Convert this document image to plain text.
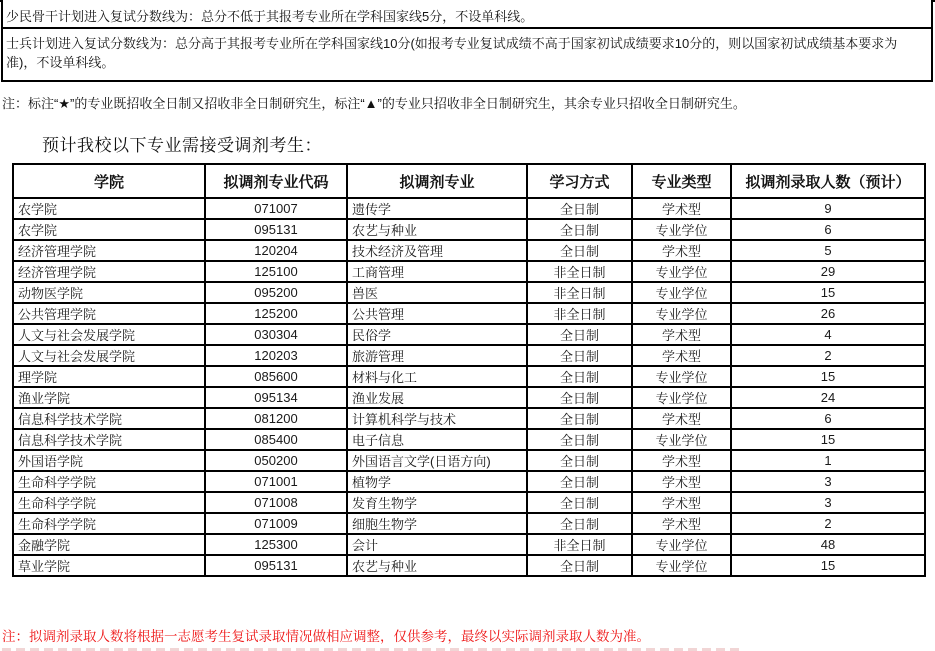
少民骨干计划进入复试分数线为：总分不低于其报考专业所在学科国家线5分，不设单科线。
士兵计划进入复试分数线为：总分高于其报考专业所在学科国家线10分(如报考专业复试成绩不高于国家初试成绩要求10分的，则以国家初试成绩基本要求为准)，不设单科线。
注：标注“★”的专业既招收全日制又招收非全日制研究生，标注“▲”的专业只招收非全日制研究生，其余专业只招收全日制研究生。
预计我校以下专业需接受调剂考生：
学院	拟调剂专业代码	拟调剂专业	学习方式	专业类型	拟调剂录取人数（预计）
农学院	071007	遗传学	全日制	学术型	9
农学院	095131	农艺与种业	全日制	专业学位	6
经济管理学院	120204	技术经济及管理	全日制	学术型	5
经济管理学院	125100	工商管理	非全日制	专业学位	29
动物医学院	095200	兽医	非全日制	专业学位	15
公共管理学院	125200	公共管理	非全日制	专业学位	26
人文与社会发展学院	030304	民俗学	全日制	学术型	4
人文与社会发展学院	120203	旅游管理	全日制	学术型	2
理学院	085600	材料与化工	全日制	专业学位	15
渔业学院	095134	渔业发展	全日制	专业学位	24
信息科学技术学院	081200	计算机科学与技术	全日制	学术型	6
信息科学技术学院	085400	电子信息	全日制	专业学位	15
外国语学院	050200	外国语言文学(日语方向)	全日制	学术型	1
生命科学学院	071001	植物学	全日制	学术型	3
生命科学学院	071008	发育生物学	全日制	学术型	3
生命科学学院	071009	细胞生物学	全日制	学术型	2
金融学院	125300	会计	非全日制	专业学位	48
草业学院	095131	农艺与种业	全日制	专业学位	15
注：拟调剂录取人数将根据一志愿考生复试录取情况做相应调整，仅供参考，最终以实际调剂录取人数为准。
